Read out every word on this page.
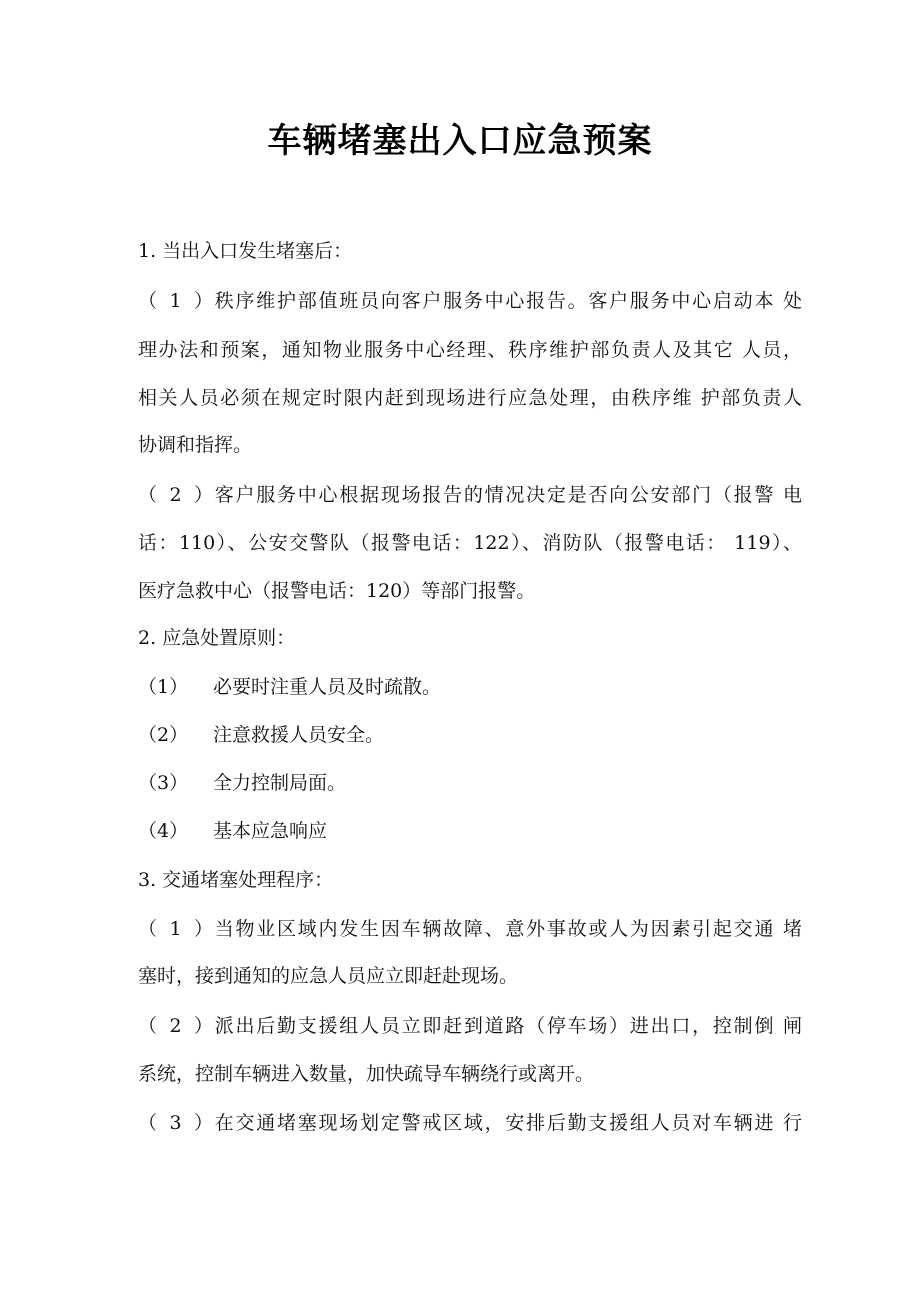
车辆堵塞出入口应急预案
1. 当出入口发生堵塞后：
（1）秩序维护部值班员向客户服务中心报告。客户服务中心启动本 处
理办法和预案，通知物业服务中心经理、秩序维护部负责人及其它 人员，
相关人员必须在规定时限内赶到现场进行应急处理，由秩序维 护部负责人
协调和指挥。
（2）客户服务中心根据现场报告的情况决定是否向公安部门（报警 电
话：110）、公安交警队（报警电话：122）、消防队（报警电话： 119）、
医疗急救中心（报警电话：120）等部门报警。
2. 应急处置原则：
（1） 必要时注重人员及时疏散。
（2） 注意救援人员安全。
（3） 全力控制局面。
（4） 基本应急响应
3. 交通堵塞处理程序：
（1）当物业区域内发生因车辆故障、意外事故或人为因素引起交通 堵
塞时，接到通知的应急人员应立即赶赴现场。
（2）派出后勤支援组人员立即赶到道路（停车场）进出口，控制倒 闸
系统，控制车辆进入数量，加快疏导车辆绕行或离开。
（3）在交通堵塞现场划定警戒区域，安排后勤支援组人员对车辆进 行
